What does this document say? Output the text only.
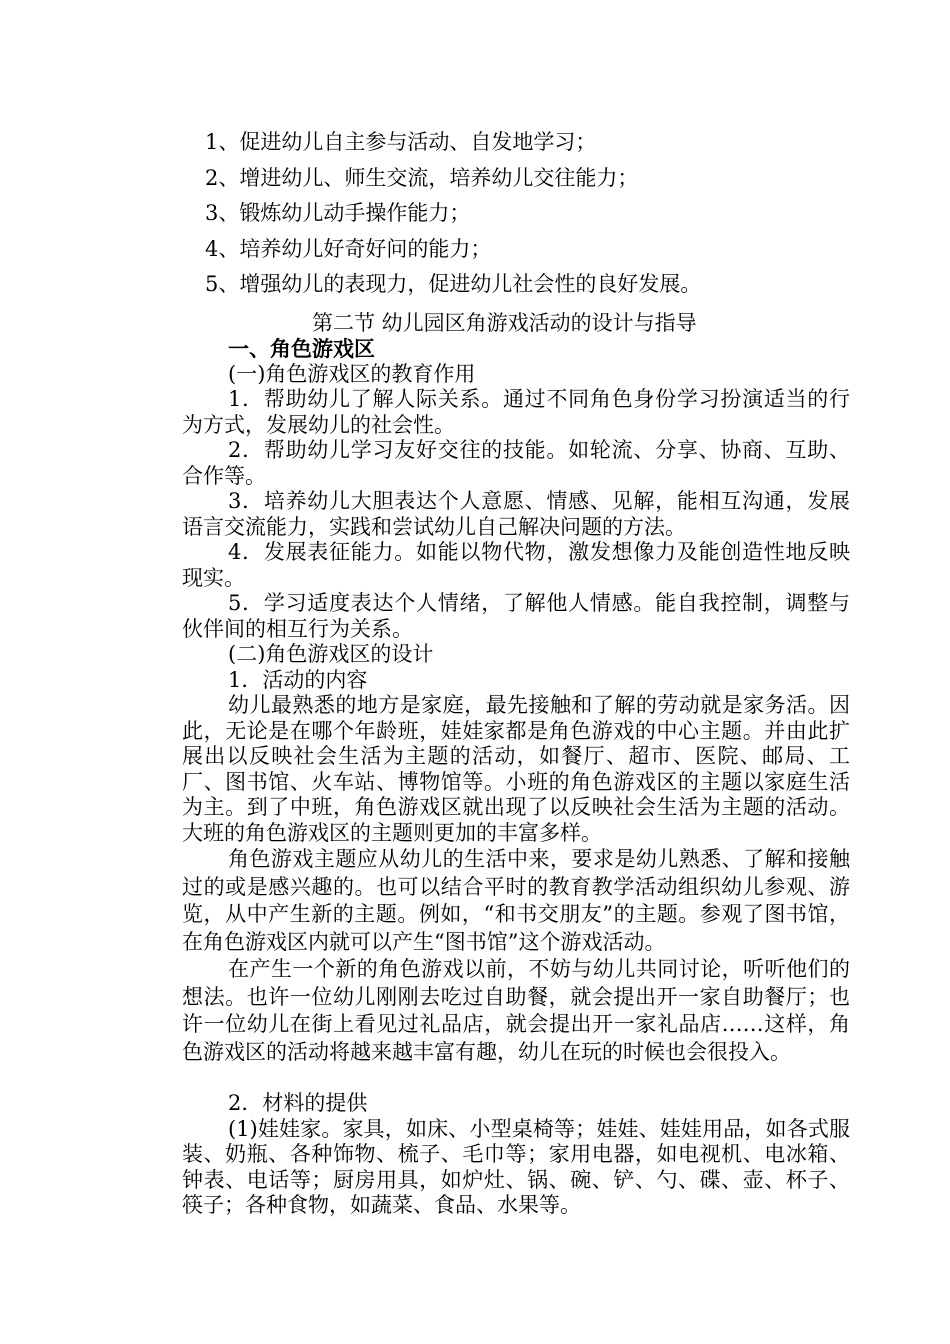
1、促进幼儿自主参与活动、自发地学习；
2、增进幼儿、师生交流，培养幼儿交往能力；
3、锻炼幼儿动手操作能力；
4、培养幼儿好奇好问的能力；
5、增强幼儿的表现力，促进幼儿社会性的良好发展。
第二节 幼儿园区角游戏活动的设计与指导
一、角色游戏区
(一)角色游戏区的教育作用
1．帮助幼儿了解人际关系。通过不同角色身份学习扮演适当的行为方式，发展幼儿的社会性。
2．帮助幼儿学习友好交往的技能。如轮流、分享、协商、互助、合作等。
3．培养幼儿大胆表达个人意愿、情感、见解，能相互沟通，发展语言交流能力，实践和尝试幼儿自己解决问题的方法。
4．发展表征能力。如能以物代物，激发想像力及能创造性地反映现实。
5．学习适度表达个人情绪，了解他人情感。能自我控制，调整与伙伴间的相互行为关系。
(二)角色游戏区的设计
1．活动的内容
幼儿最熟悉的地方是家庭，最先接触和了解的劳动就是家务活。因此，无论是在哪个年龄班，娃娃家都是角色游戏的中心主题。并由此扩展出以反映社会生活为主题的活动，如餐厅、超市、医院、邮局、工厂、图书馆、火车站、博物馆等。小班的角色游戏区的主题以家庭生活为主。到了中班，角色游戏区就出现了以反映社会生活为主题的活动。大班的角色游戏区的主题则更加的丰富多样。
角色游戏主题应从幼儿的生活中来，要求是幼儿熟悉、了解和接触过的或是感兴趣的。也可以结合平时的教育教学活动组织幼儿参观、游览，从中产生新的主题。例如，“和书交朋友”的主题。参观了图书馆，在角色游戏区内就可以产生“图书馆”这个游戏活动。
在产生一个新的角色游戏以前，不妨与幼儿共同讨论，听听他们的想法。也许一位幼儿刚刚去吃过自助餐，就会提出开一家自助餐厅；也许一位幼儿在街上看见过礼品店，就会提出开一家礼品店……这样，角色游戏区的活动将越来越丰富有趣，幼儿在玩的时候也会很投入。
2．材料的提供
(1)娃娃家。家具，如床、小型桌椅等；娃娃、娃娃用品，如各式服装、奶瓶、各种饰物、梳子、毛巾等；家用电器，如电视机、电冰箱、钟表、电话等；厨房用具，如炉灶、锅、碗、铲、勺、碟、壶、杯子、筷子；各种食物，如蔬菜、食品、水果等。
